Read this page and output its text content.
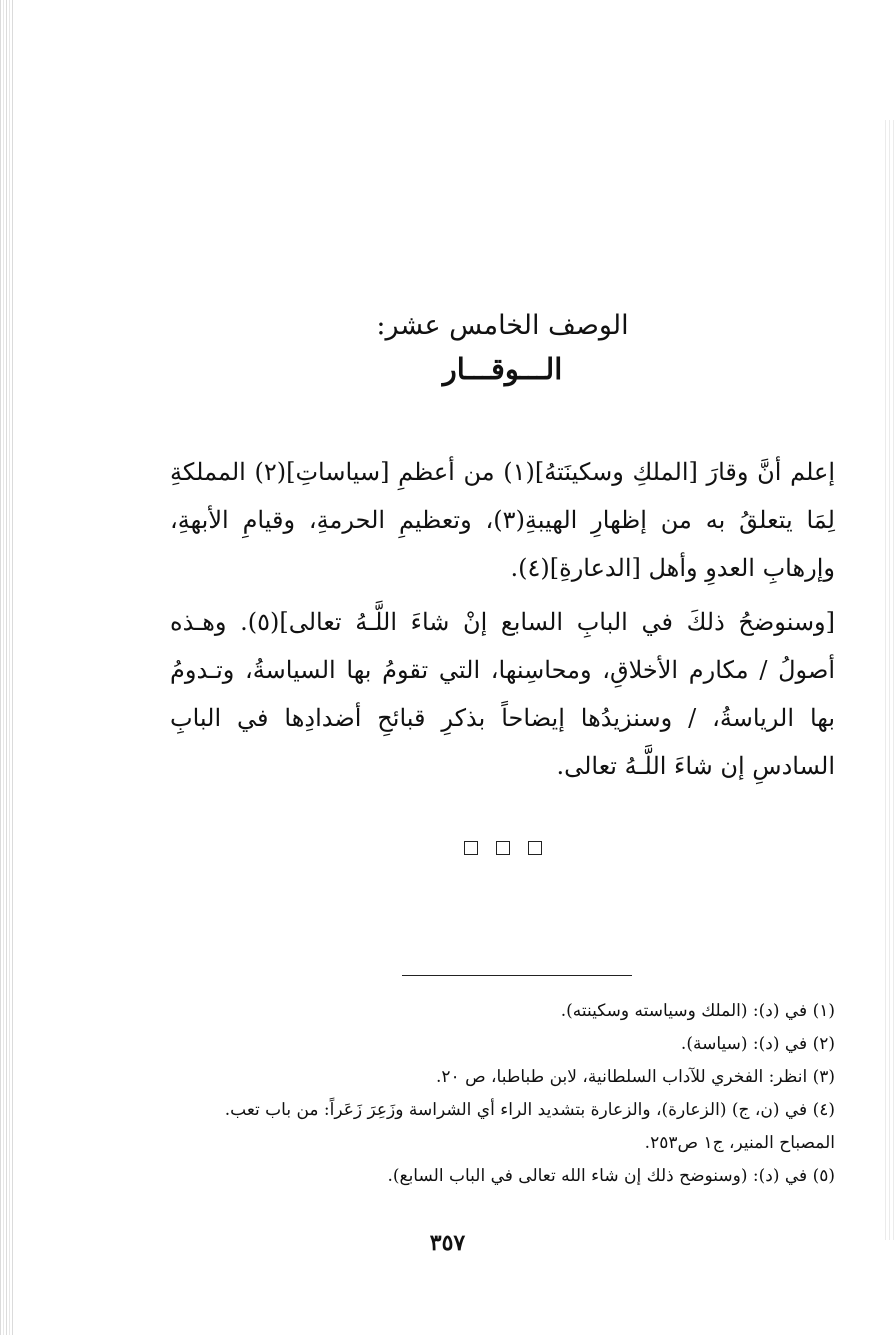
الوصف الخامس عشر:
الـــوقـــار

إعلم أنَّ وقارَ [الملكِ وسكينَتهُ](١) من أعظمِ [سياساتِ](٢) المملكةِ لِمَا يتعلقُ به من إظهارِ الهيبةِ(٣)، وتعظيمِ الحرمةِ، وقيامِ الأبهةِ، وإرهابِ العدوِ وأهل [الدعارةِ](٤).

[وسنوضحُ ذلكَ في البابِ السابع إنْ شاءَ اللَّـهُ تعالى](٥). وهـذه أصولُ / مكارم الأخلاقِ، ومحاسِنها، التي تقومُ بها السياسةُ، وتـدومُ بها الرياسةُ، / وسنزيدُها إيضاحاً بذكرِ قبائحِ أضدادِها في البابِ السادسِ إن شاءَ اللَّـهُ تعالى.

(١) في (د): (الملك وسياسته وسكينته).

(٢) في (د): (سياسة).

(٣) انظر: الفخري للآداب السلطانية، لابن طباطبا، ص ٢٠.

(٤) في (ن، ج) (الزعارة)، والزعارة بتشديد الراء أي الشراسة وزَعِرَ زَعَراً: من باب تعب.

المصباح المنير، ج١ ص٢٥٣.

(٥) في (د): (وسنوضح ذلك إن شاء الله تعالى في الباب السابع).

٣٥٧
